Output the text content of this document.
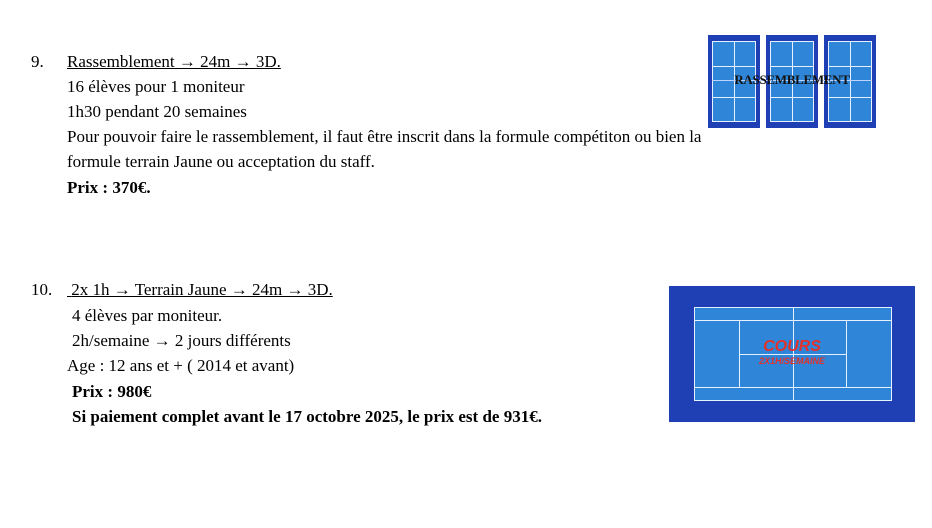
9. Rassemblement → 24m → 3D.
16 élèves pour 1 moniteur
1h30 pendant 20 semaines
Pour pouvoir faire le rassemblement, il faut être inscrit dans la formule compétiton ou bien la
formule terrain Jaune ou acceptation du staff.
Prix : 370€.
RASSEMBLEMENT
10. 2x 1h → Terrain Jaune → 24m → 3D.
4 élèves par moniteur.
2h/semaine → 2 jours différents
Age : 12 ans et + ( 2014 et avant)
Prix : 980€
Si paiement complet avant le 17 octobre 2025, le prix est de 931€.
COURS
2X1H/SEMAINE
